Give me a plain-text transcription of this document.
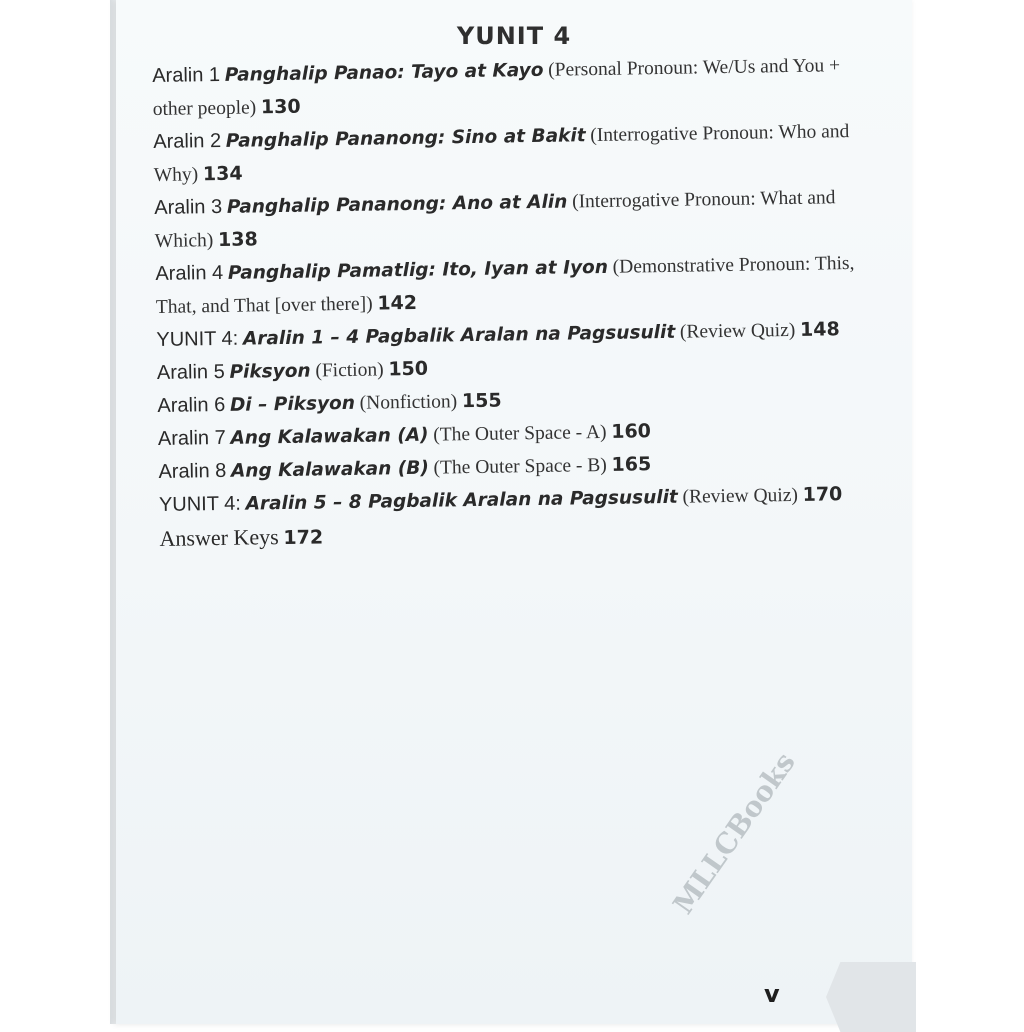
YUNIT 4
Aralin 1 Panghalip Panao: Tayo at Kayo (Personal Pronoun: We/Us and You + other people) 130
Aralin 2 Panghalip Pananong: Sino at Bakit (Interrogative Pronoun: Who and Why) 134
Aralin 3 Panghalip Pananong: Ano at Alin (Interrogative Pronoun: What and Which) 138
Aralin 4 Panghalip Pamatlig: Ito, Iyan at Iyon (Demonstrative Pronoun: This, That, and That [over there]) 142
YUNIT 4: Aralin 1 – 4 Pagbalik Aralan na Pagsusulit (Review Quiz) 148
Aralin 5 Piksyon (Fiction) 150
Aralin 6 Di – Piksyon (Nonfiction) 155
Aralin 7 Ang Kalawakan (A) (The Outer Space - A) 160
Aralin 8 Ang Kalawakan (B) (The Outer Space - B) 165
YUNIT 4: Aralin 5 – 8 Pagbalik Aralan na Pagsusulit (Review Quiz) 170
Answer Keys 172
v
MLLCBooks
